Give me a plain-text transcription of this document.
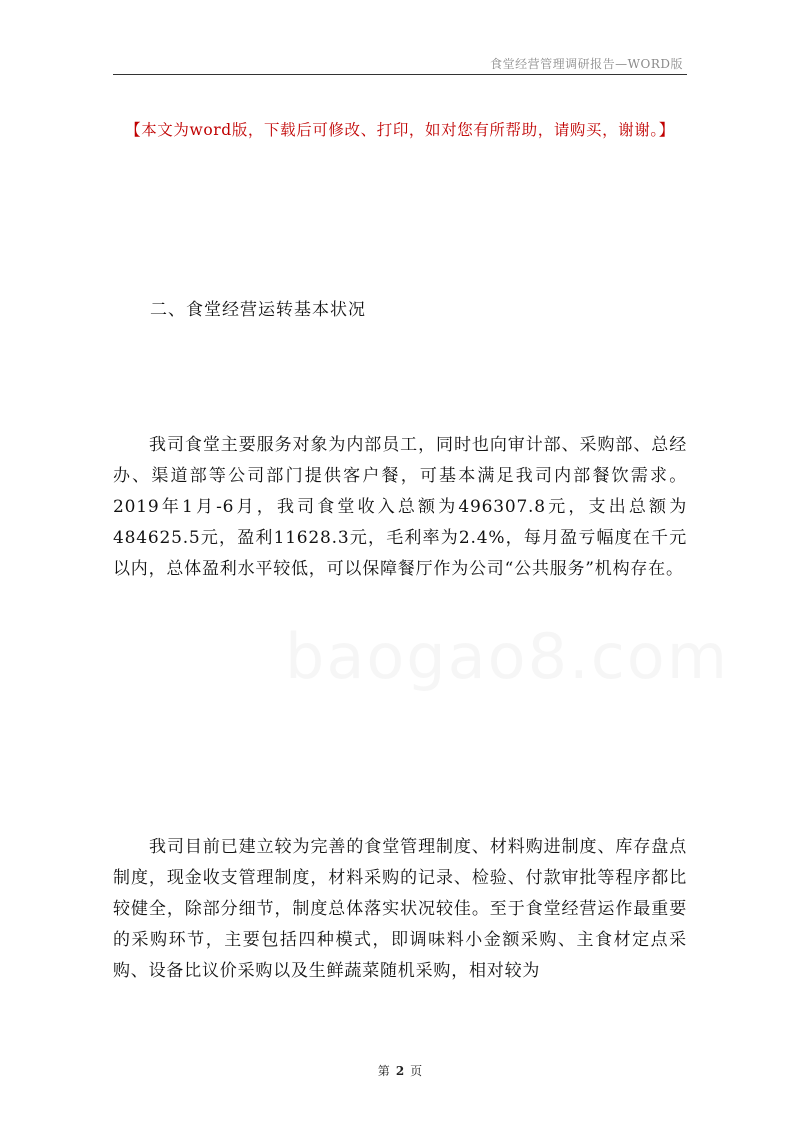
食堂经营管理调研报告—WORD版
【本文为word版，下载后可修改、打印，如对您有所帮助，请购买，谢谢。】
二、食堂经营运转基本状况

我司食堂主要服务对象为内部员工，同时也向审计部、采购部、总经办、渠道部等公司部门提供客户餐，可基本满足我司内部餐饮需求。2019年1月-6月，我司食堂收入总额为496307.8元，支出总额为484625.5元，盈利11628.3元，毛利率为2.4%，每月盈亏幅度在千元以内，总体盈利水平较低，可以保障餐厅作为公司“公共服务”机构存在。

我司目前已建立较为完善的食堂管理制度、材料购进制度、库存盘点制度，现金收支管理制度，材料采购的记录、检验、付款审批等程序都比较健全，除部分细节，制度总体落实状况较佳。至于食堂经营运作最重要的采购环节，主要包括四种模式，即调味料小金额采购、主食材定点采购、设备比议价采购以及生鲜蔬菜随机采购，相对较为

第 2 页
